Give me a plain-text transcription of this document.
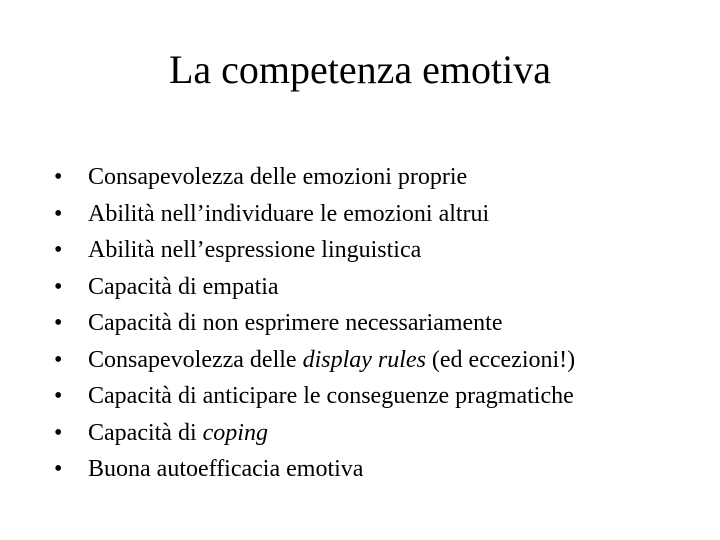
La competenza emotiva
•	Consapevolezza delle emozioni proprie
•	Abilità nell’individuare le emozioni altrui
•	Abilità nell’espressione linguistica
•	Capacità di empatia
•	Capacità di non esprimere necessariamente
•	Consapevolezza delle display rules (ed eccezioni!)
•	Capacità di anticipare le conseguenze pragmatiche
•	Capacità di coping
•	Buona autoefficacia emotiva
